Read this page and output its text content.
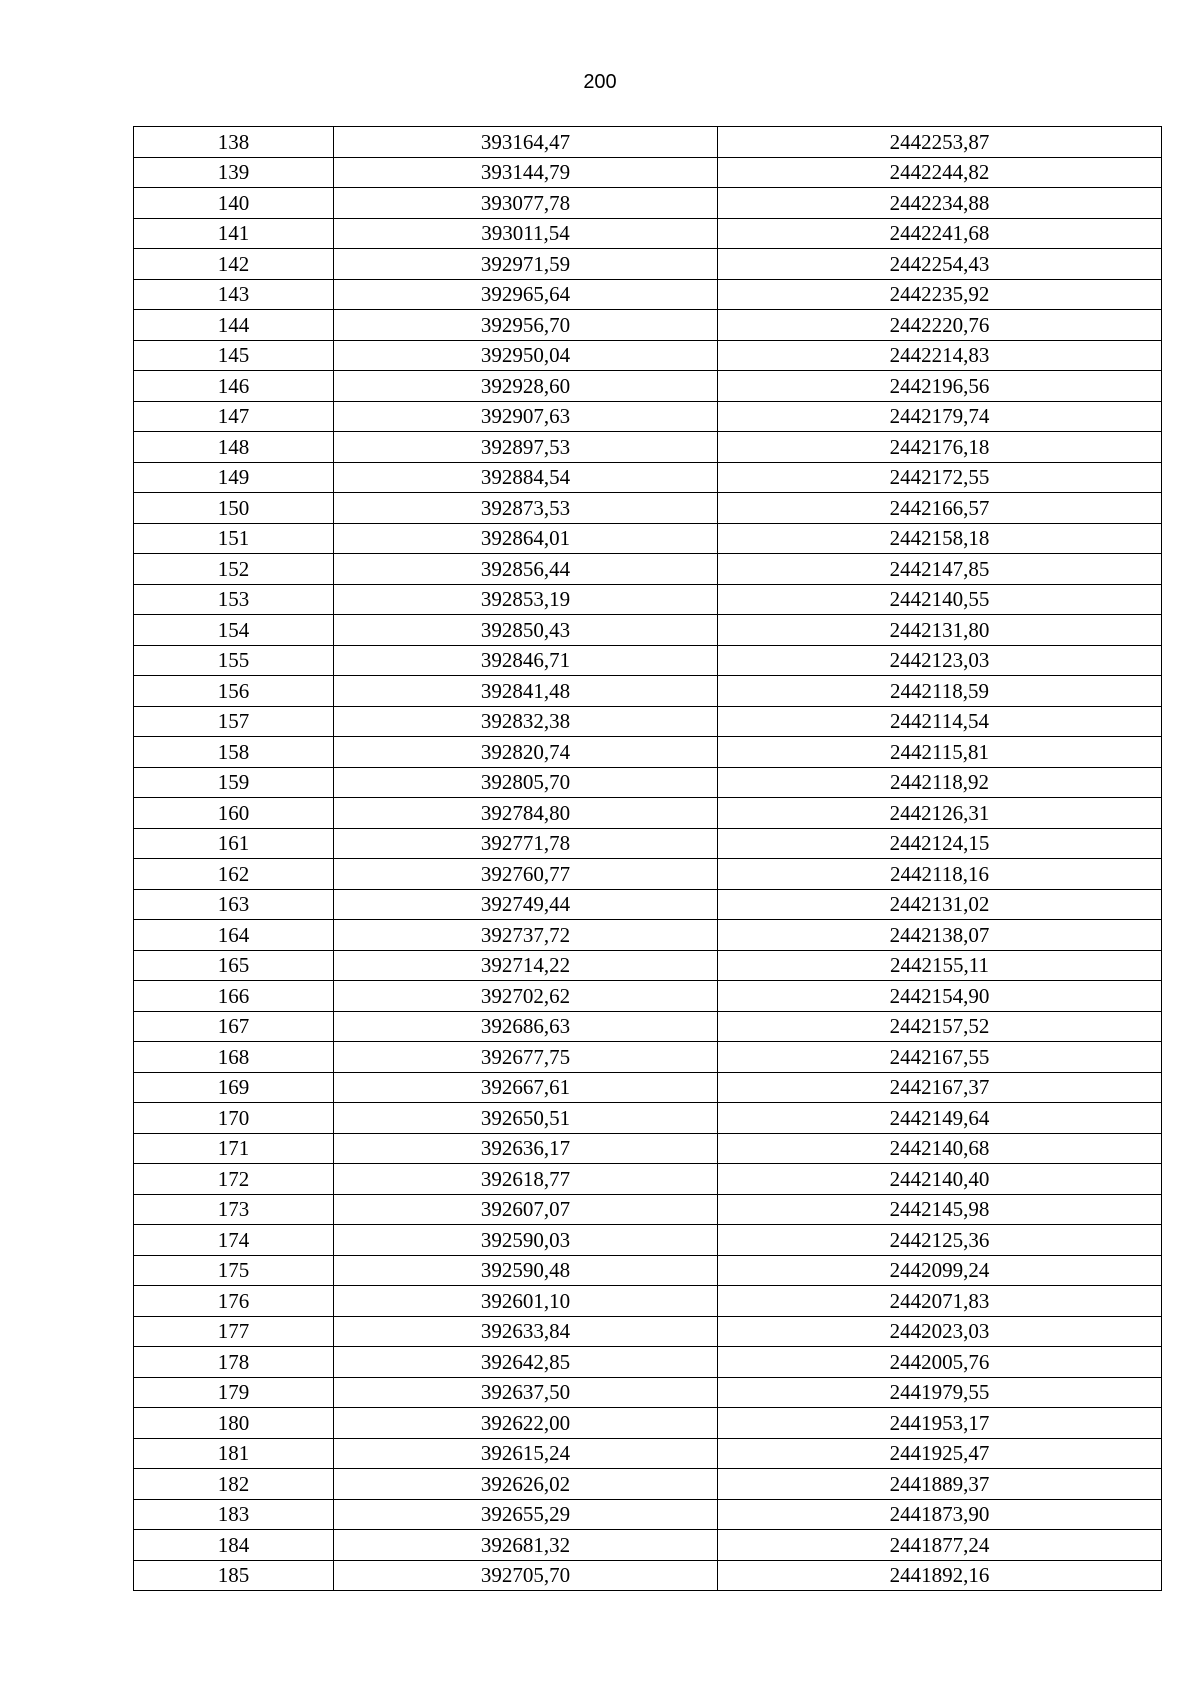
200
138	393164,47	2442253,87
139	393144,79	2442244,82
140	393077,78	2442234,88
141	393011,54	2442241,68
142	392971,59	2442254,43
143	392965,64	2442235,92
144	392956,70	2442220,76
145	392950,04	2442214,83
146	392928,60	2442196,56
147	392907,63	2442179,74
148	392897,53	2442176,18
149	392884,54	2442172,55
150	392873,53	2442166,57
151	392864,01	2442158,18
152	392856,44	2442147,85
153	392853,19	2442140,55
154	392850,43	2442131,80
155	392846,71	2442123,03
156	392841,48	2442118,59
157	392832,38	2442114,54
158	392820,74	2442115,81
159	392805,70	2442118,92
160	392784,80	2442126,31
161	392771,78	2442124,15
162	392760,77	2442118,16
163	392749,44	2442131,02
164	392737,72	2442138,07
165	392714,22	2442155,11
166	392702,62	2442154,90
167	392686,63	2442157,52
168	392677,75	2442167,55
169	392667,61	2442167,37
170	392650,51	2442149,64
171	392636,17	2442140,68
172	392618,77	2442140,40
173	392607,07	2442145,98
174	392590,03	2442125,36
175	392590,48	2442099,24
176	392601,10	2442071,83
177	392633,84	2442023,03
178	392642,85	2442005,76
179	392637,50	2441979,55
180	392622,00	2441953,17
181	392615,24	2441925,47
182	392626,02	2441889,37
183	392655,29	2441873,90
184	392681,32	2441877,24
185	392705,70	2441892,16
